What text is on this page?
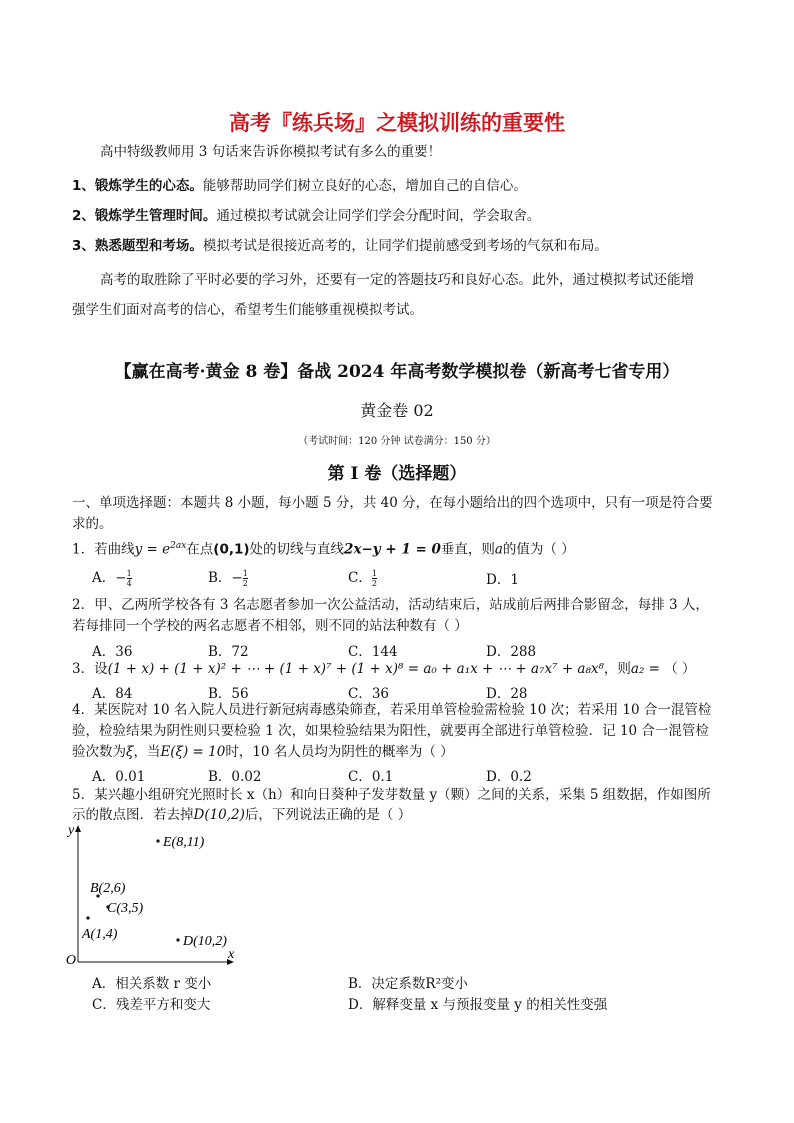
高考『练兵场』之模拟训练的重要性
高中特级教师用 3 句话来告诉你模拟考试有多么的重要！
1、锻炼学生的心态。能够帮助同学们树立良好的心态，增加自己的自信心。
2、锻炼学生管理时间。通过模拟考试就会让同学们学会分配时间，学会取舍。
3、熟悉题型和考场。模拟考试是很接近高考的，让同学们提前感受到考场的气氛和布局。
高考的取胜除了平时必要的学习外，还要有一定的答题技巧和良好心态。此外，通过模拟考试还能增
强学生们面对高考的信心，希望考生们能够重视模拟考试。
【赢在高考·黄金 8 卷】备战 2024 年高考数学模拟卷（新高考七省专用）
黄金卷 02
（考试时间：120 分钟 试卷满分：150 分）
第 I 卷（选择题）
一、单项选择题：本题共 8 小题，每小题 5 分，共 40 分，在每小题给出的四个选项中，只有一项是符合要
求的。
1．若曲线$y = e^{2ax}$在点(0,1)处的切线与直线2x−y + 1 = 0垂直，则a的值为（ ）
A．− $\frac{1}{4}$	B．− $\frac{1}{2}$	C． $\frac{1}{2}$	D．1
2．甲、乙两所学校各有 3 名志愿者参加一次公益活动，活动结束后，站成前后两排合影留念，每排 3 人，
若每排同一个学校的两名志愿者不相邻，则不同的站法种数有（ ）
A．36	B．72	C．144	D．288
3．设(1 + x) + (1 + x)² + ⋯ + (1 + x)⁷ + (1 + x)⁸ = a₀ + a₁x + ⋯ + a₇x⁷ + a₈x⁸，则a₂ = （ ）
A．84	B．56	C．36	D．28
4．某医院对 10 名入院人员进行新冠病毒感染筛查，若采用单管检验需检验 10 次；若采用 10 合一混管检
验，检验结果为阴性则只要检验 1 次，如果检验结果为阳性，就要再全部进行单管检验．记 10 合一混管检
验次数为ξ，当E(ξ) = 10时，10 名人员均为阴性的概率为（ ）
A．0.01	B．0.02	C．0.1	D．0.2
5．某兴趣小组研究光照时长 x（h）和向日葵种子发芽数量 y（颗）之间的关系，采集 5 组数据，作如图所
示的散点图．若去掉D(10,2)后，下列说法正确的是（ ）
x
y
O
A(1,4)
B(2,6)
C(3,5)
D(10,2)
E(8,11)
A．相关系数 r 变小	B．决定系数R²变小
C．残差平方和变大	D．解释变量 x 与预报变量 y 的相关性变强
